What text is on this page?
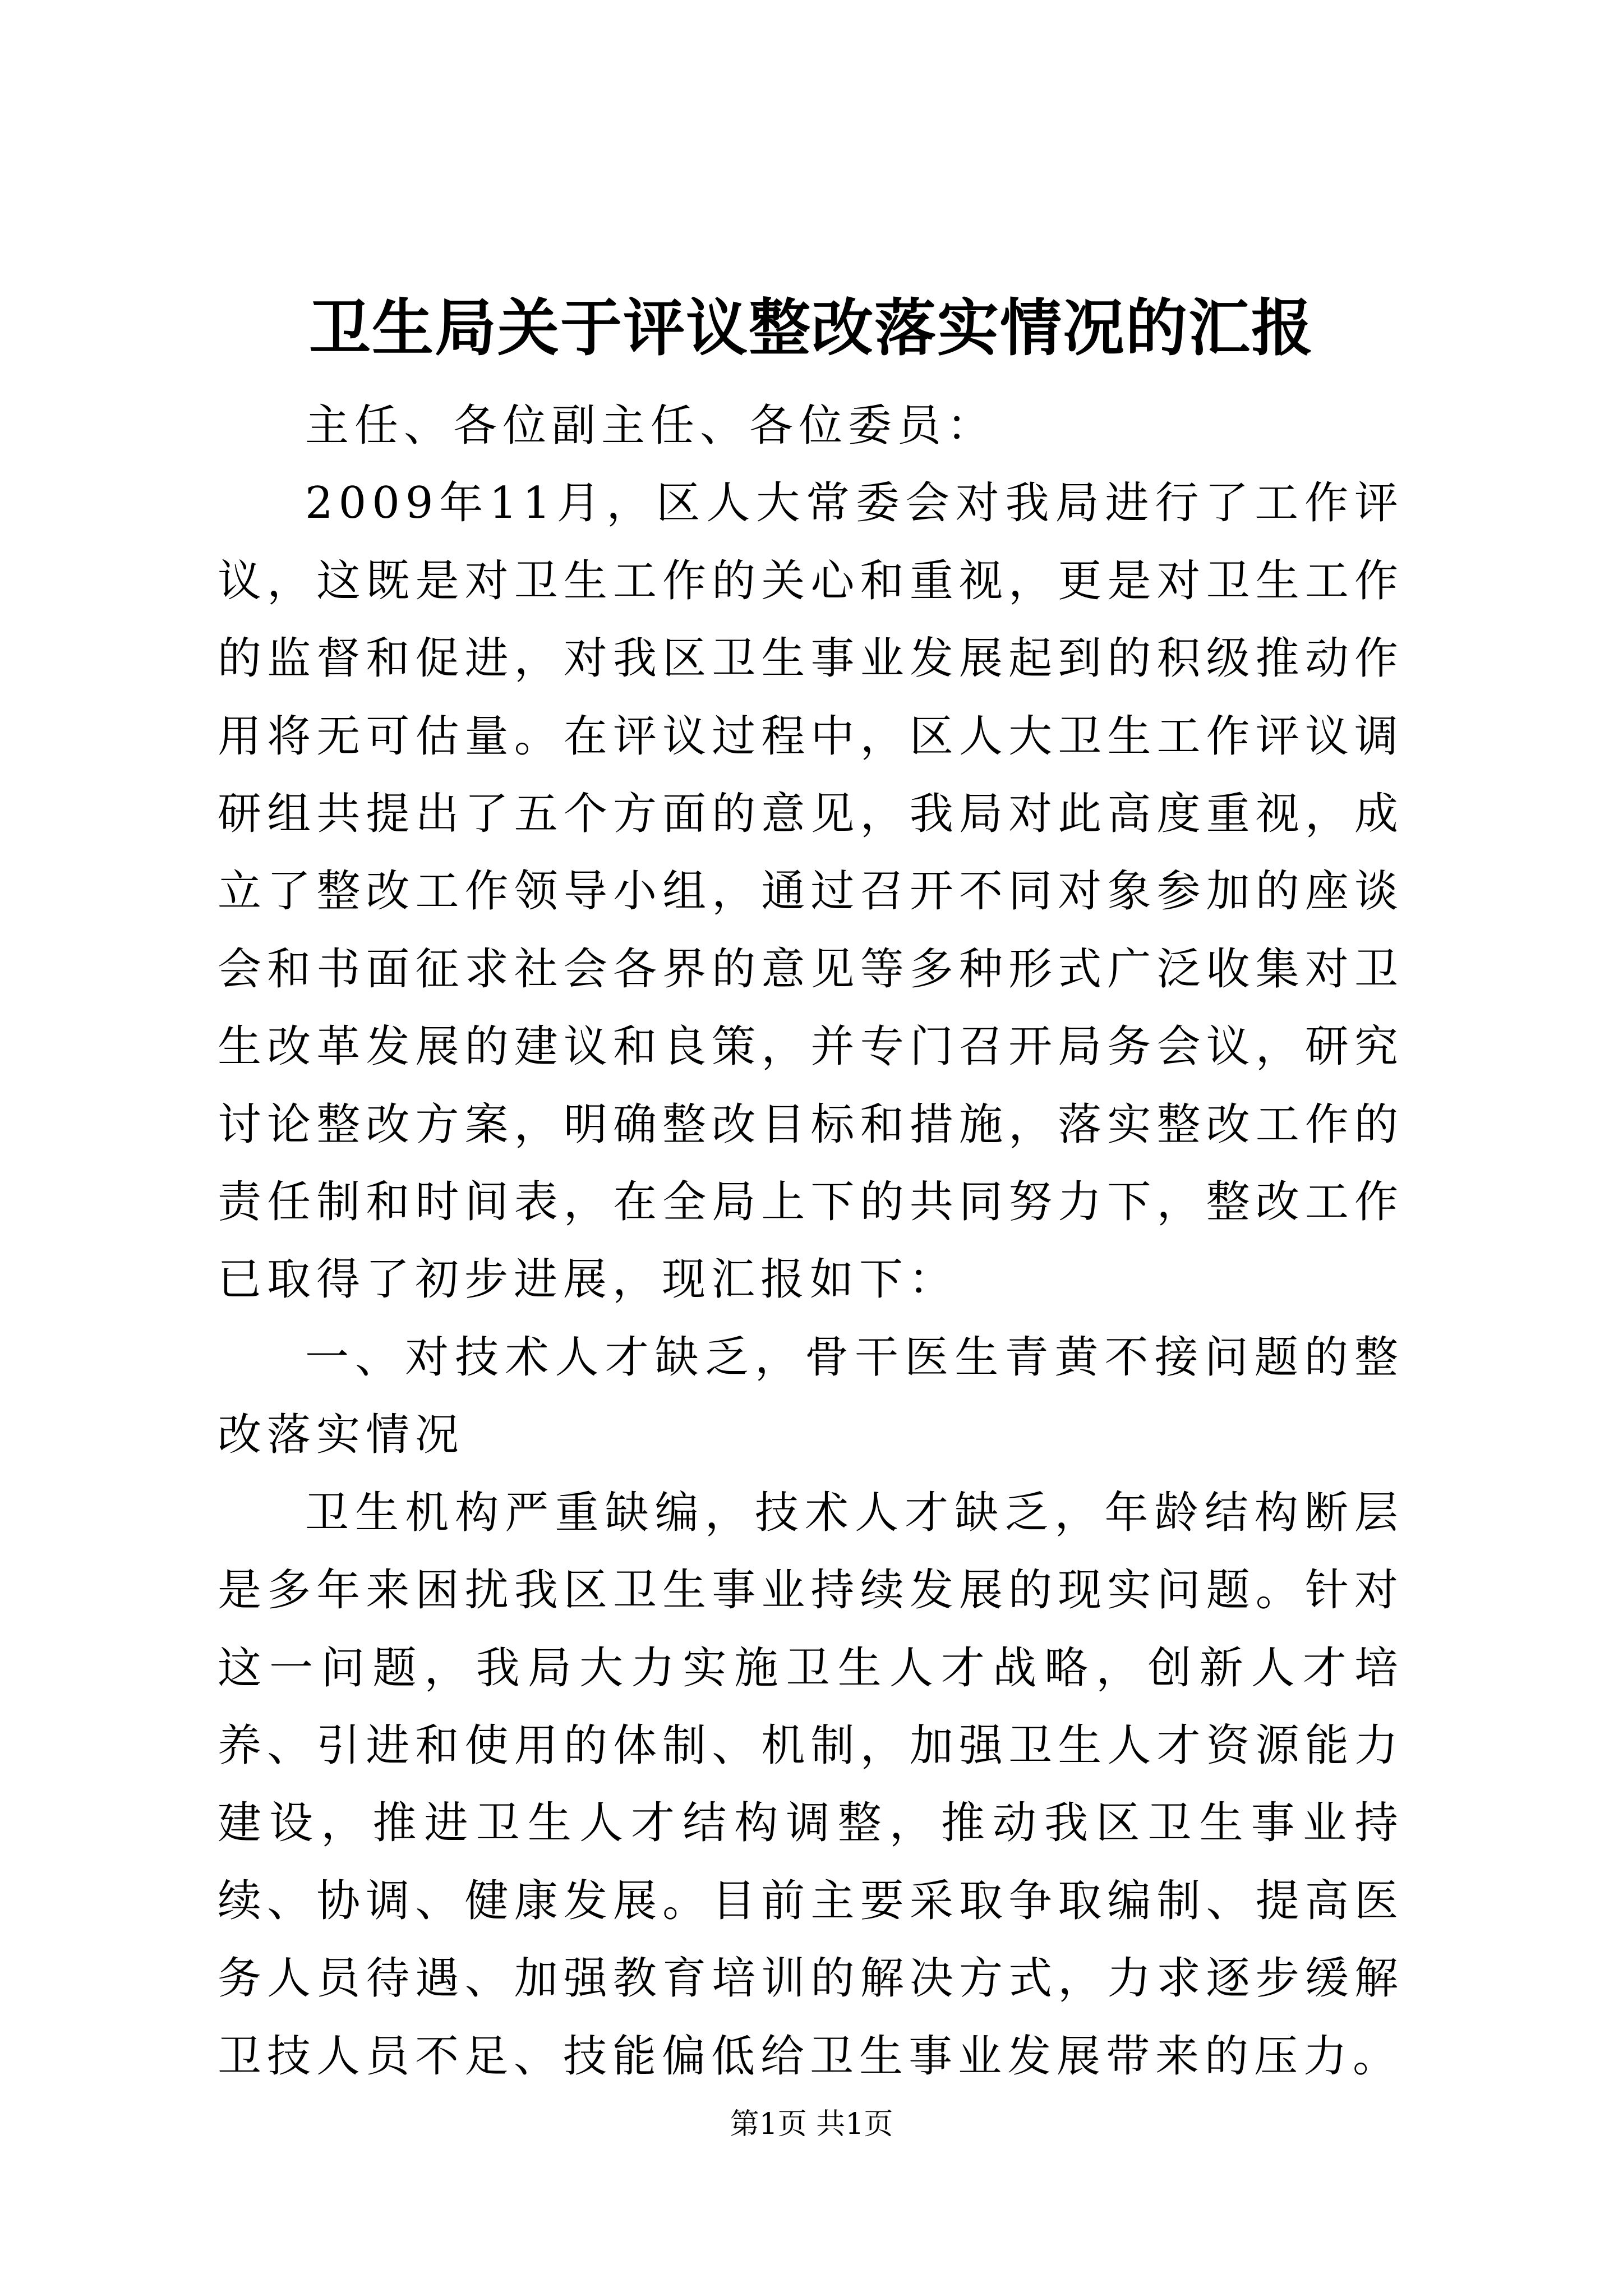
卫生局关于评议整改落实情况的汇报

主任、各位副主任、各位委员：

2009年11月，区人大常委会对我局进行了工作评议，这既是对卫生工作的关心和重视，更是对卫生工作的监督和促进，对我区卫生事业发展起到的积级推动作用将无可估量。在评议过程中，区人大卫生工作评议调研组共提出了五个方面的意见，我局对此高度重视，成立了整改工作领导小组，通过召开不同对象参加的座谈会和书面征求社会各界的意见等多种形式广泛收集对卫生改革发展的建议和良策，并专门召开局务会议，研究讨论整改方案，明确整改目标和措施，落实整改工作的责任制和时间表，在全局上下的共同努力下，整改工作已取得了初步进展，现汇报如下：

一、对技术人才缺乏，骨干医生青黄不接问题的整改落实情况

卫生机构严重缺编，技术人才缺乏，年龄结构断层是多年来困扰我区卫生事业持续发展的现实问题。针对这一问题，我局大力实施卫生人才战略，创新人才培养、引进和使用的体制、机制，加强卫生人才资源能力建设，推进卫生人才结构调整，推动我区卫生事业持续、协调、健康发展。目前主要采取争取编制、提高医务人员待遇、加强教育培训的解决方式，力求逐步缓解卫技人员不足、技能偏低给卫生事业发展带来的压力。

第1页 共1页
